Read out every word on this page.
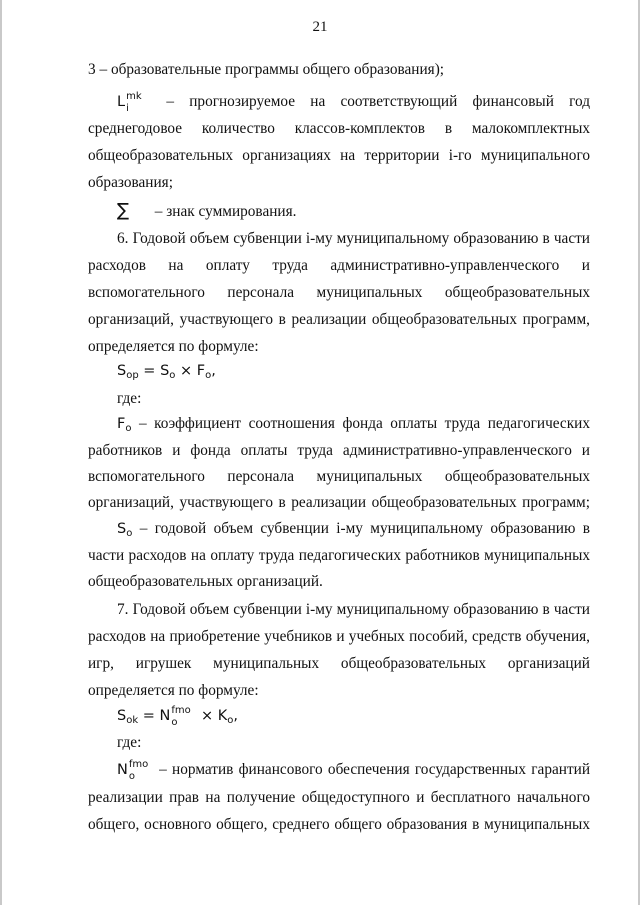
21
3 – образовательные программы общего образования);
L mk
i – прогнозируемое на соответствующий финансовый год
среднегодовое количество классов-комплектов в малокомплектных
общеобразовательных организациях на территории i-го муниципального
образования;
∑ – знак суммирования.
6. Годовой объем субвенции i-му муниципальному образованию в части
расходов на оплату труда административно-управленческого и
вспомогательного персонала муниципальных общеобразовательных
организаций, участвующего в реализации общеобразовательных программ,
определяется по формуле:
$S_{op} = S_o \times F_o$,
где:
$F_o$ – коэффициент соотношения фонда оплаты труда педагогических
работников и фонда оплаты труда административно-управленческого и
вспомогательного персонала муниципальных общеобразовательных
организаций, участвующего в реализации общеобразовательных программ;
$S_o$ – годовой объем субвенции i-му муниципальному образованию в
части расходов на оплату труда педагогических работников муниципальных
общеобразовательных организаций.
7. Годовой объем субвенции i-му муниципальному образованию в части
расходов на приобретение учебников и учебных пособий, средств обучения,
игр, игрушек муниципальных общеобразовательных организаций
определяется по формуле:
$S_{ok} = N$ fmo
$o \times K_o$,
где:
N fmo
o – норматив финансового обеспечения государственных гарантий
реализации прав на получение общедоступного и бесплатного начального
общего, основного общего, среднего общего образования в муниципальных
